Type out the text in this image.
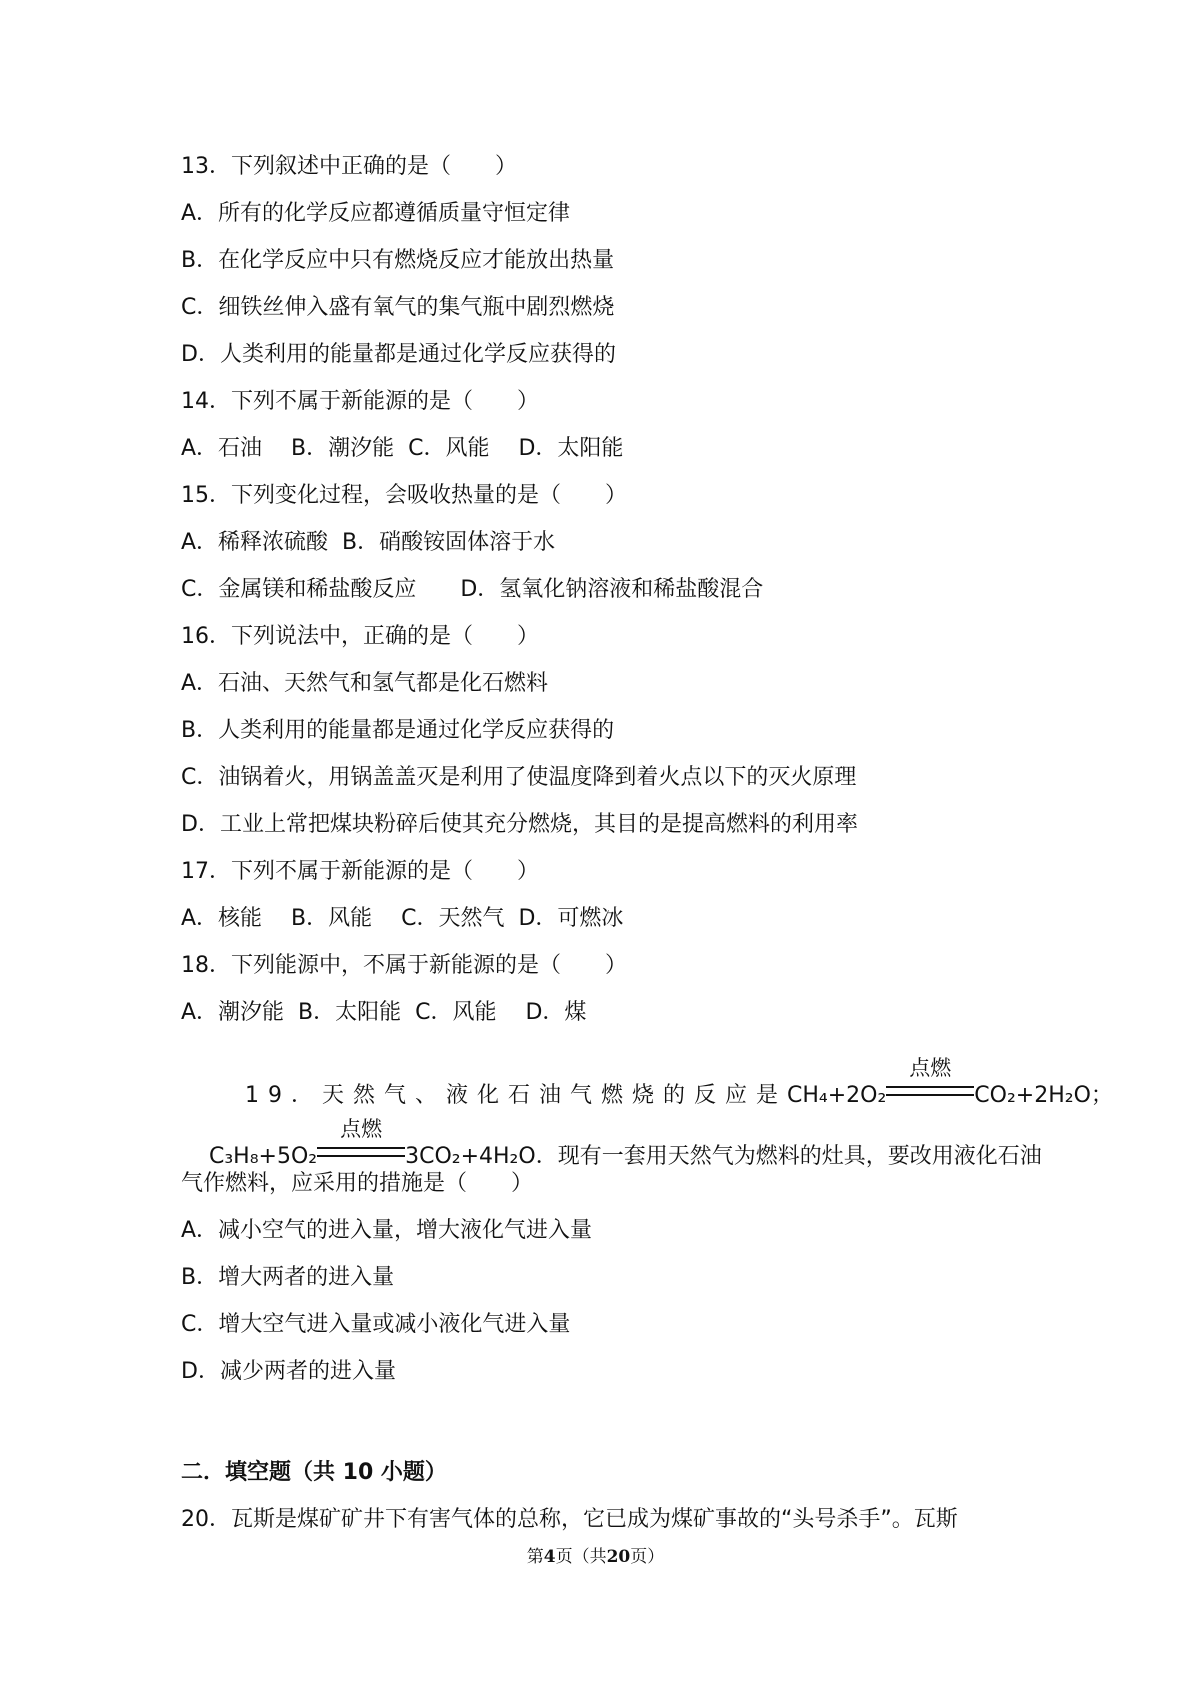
13．下列叙述中正确的是（　　）
A．所有的化学反应都遵循质量守恒定律
B．在化学反应中只有燃烧反应才能放出热量
C．细铁丝伸入盛有氧气的集气瓶中剧烈燃烧
D．人类利用的能量都是通过化学反应获得的
14．下列不属于新能源的是（　　）
A．石油　 B．潮汐能  C．风能　 D．太阳能
15．下列变化过程，会吸收热量的是（　　）
A．稀释浓硫酸  B．硝酸铵固体溶于水
C．金属镁和稀盐酸反应　　D．氢氧化钠溶液和稀盐酸混合
16．下列说法中，正确的是（　　）
A．石油、天然气和氢气都是化石燃料
B．人类利用的能量都是通过化学反应获得的
C．油锅着火，用锅盖盖灭是利用了使温度降到着火点以下的灭火原理
D．工业上常把煤块粉碎后使其充分燃烧，其目的是提高燃料的利用率
17．下列不属于新能源的是（　　）
A．核能　 B．风能　 C．天然气  D．可燃冰
18．下列能源中，不属于新能源的是（　　）
A．潮汐能  B．太阳能  C．风能　 D．煤

19．天然气、液化石油气燃烧的反应是CH₄+2O₂
点燃
CO₂+2H₂O；

C₃H₈+5O₂
点燃
3CO₂+4H₂O．现有一套用天然气为燃料的灶具，要改用液化石油

气作燃料，应采用的措施是（　　）
A．减小空气的进入量，增大液化气进入量
B．增大两者的进入量
C．增大空气进入量或减小液化气进入量
D．减少两者的进入量
二．填空题（共 10 小题）
20．瓦斯是煤矿矿井下有害气体的总称，它已成为煤矿事故的“头号杀手”。瓦斯
第4页（共20页）
